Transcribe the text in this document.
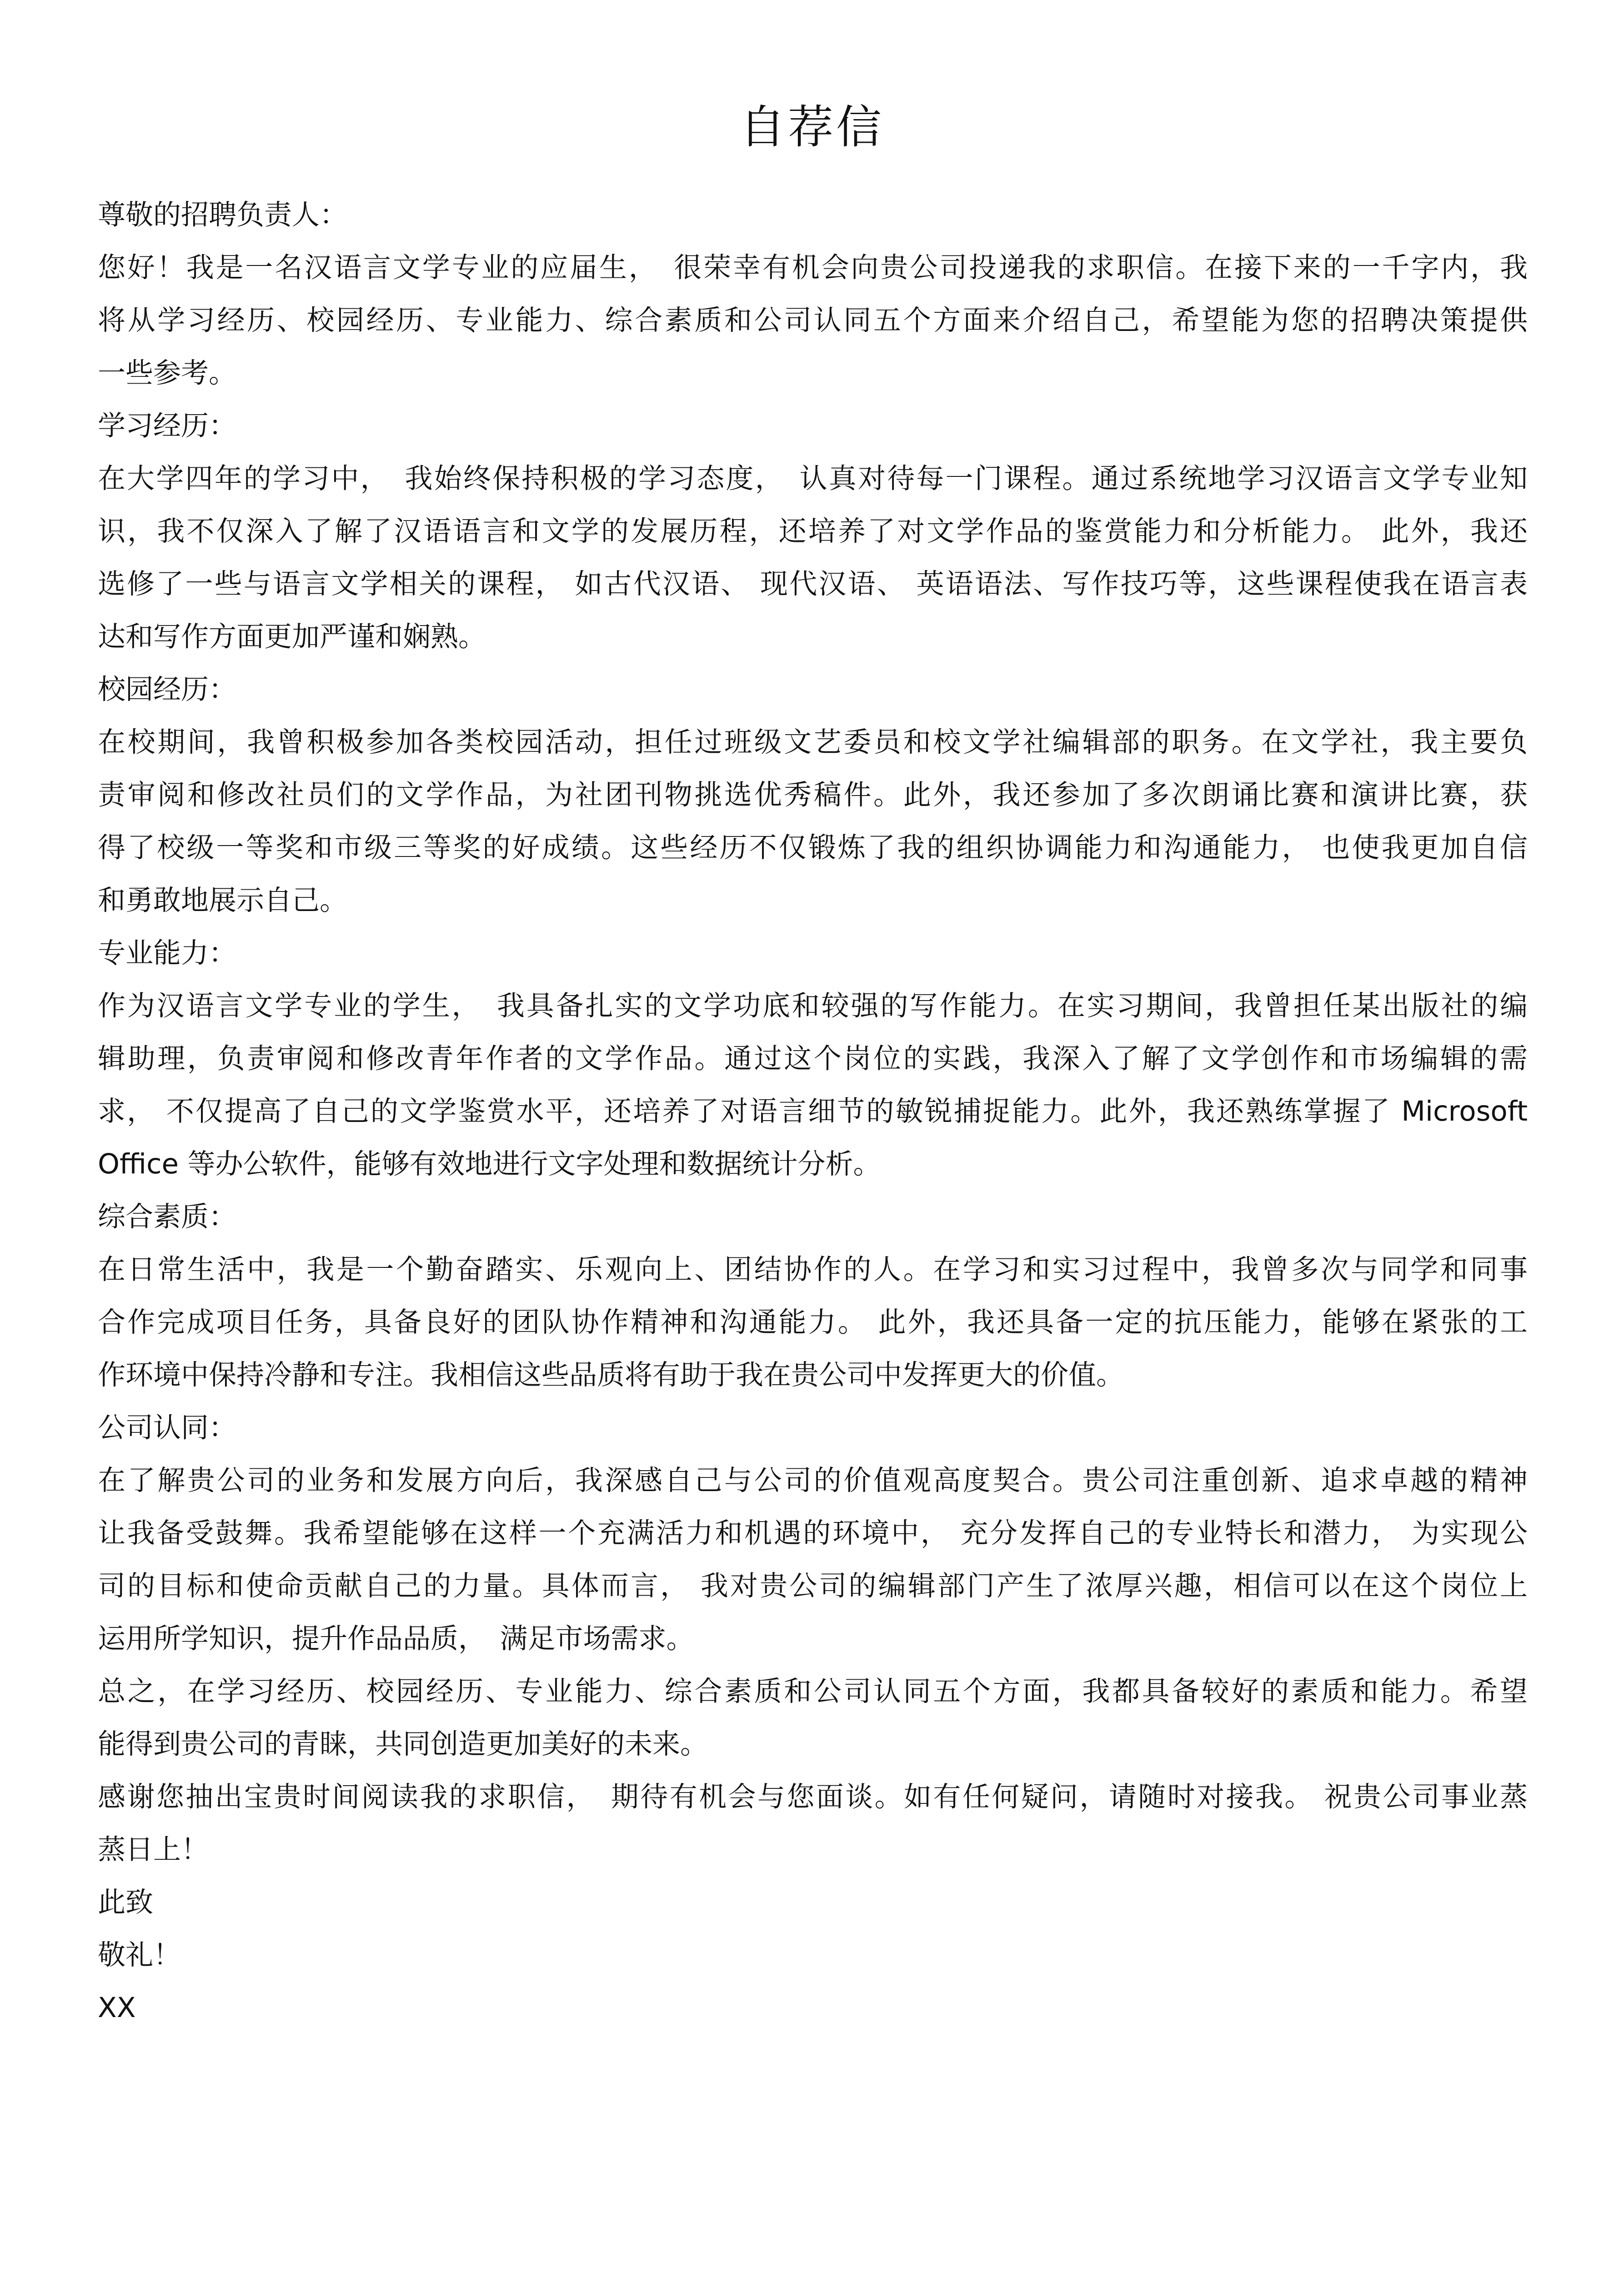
自荐信
尊敬的招聘负责人：
您好！我是一名汉语言文学专业的应届生，　很荣幸有机会向贵公司投递我的求职信。在接下来的一千字内，我
将从学习经历、校园经历、专业能力、综合素质和公司认同五个方面来介绍自己，希望能为您的招聘决策提供
一些参考。
学习经历：
在大学四年的学习中，　我始终保持积极的学习态度，　认真对待每一门课程。通过系统地学习汉语言文学专业知
识，我不仅深入了解了汉语语言和文学的发展历程，还培养了对文学作品的鉴赏能力和分析能力。 此外，我还
选修了一些与语言文学相关的课程， 如古代汉语、 现代汉语、 英语语法、写作技巧等，这些课程使我在语言表
达和写作方面更加严谨和娴熟。
校园经历：
在校期间，我曾积极参加各类校园活动，担任过班级文艺委员和校文学社编辑部的职务。在文学社，我主要负
责审阅和修改社员们的文学作品，为社团刊物挑选优秀稿件。此外，我还参加了多次朗诵比赛和演讲比赛，获
得了校级一等奖和市级三等奖的好成绩。这些经历不仅锻炼了我的组织协调能力和沟通能力， 也使我更加自信
和勇敢地展示自己。
专业能力：
作为汉语言文学专业的学生，　我具备扎实的文学功底和较强的写作能力。在实习期间，我曾担任某出版社的编
辑助理，负责审阅和修改青年作者的文学作品。通过这个岗位的实践，我深入了解了文学创作和市场编辑的需
求， 不仅提高了自己的文学鉴赏水平，还培养了对语言细节的敏锐捕捉能力。此外，我还熟练掌握了 Microsoft
Office 等办公软件，能够有效地进行文字处理和数据统计分析。
综合素质：
在日常生活中，我是一个勤奋踏实、乐观向上、团结协作的人。在学习和实习过程中，我曾多次与同学和同事
合作完成项目任务，具备良好的团队协作精神和沟通能力。 此外，我还具备一定的抗压能力，能够在紧张的工
作环境中保持冷静和专注。我相信这些品质将有助于我在贵公司中发挥更大的价值。
公司认同：
在了解贵公司的业务和发展方向后，我深感自己与公司的价值观高度契合。贵公司注重创新、追求卓越的精神
让我备受鼓舞。我希望能够在这样一个充满活力和机遇的环境中， 充分发挥自己的专业特长和潜力， 为实现公
司的目标和使命贡献自己的力量。具体而言， 我对贵公司的编辑部门产生了浓厚兴趣，相信可以在这个岗位上
运用所学知识，提升作品品质，　满足市场需求。
总之，在学习经历、校园经历、专业能力、综合素质和公司认同五个方面，我都具备较好的素质和能力。希望
能得到贵公司的青睐，共同创造更加美好的未来。
感谢您抽出宝贵时间阅读我的求职信，　期待有机会与您面谈。如有任何疑问，请随时对接我。 祝贵公司事业蒸
蒸日上！
此致
敬礼！
XX
